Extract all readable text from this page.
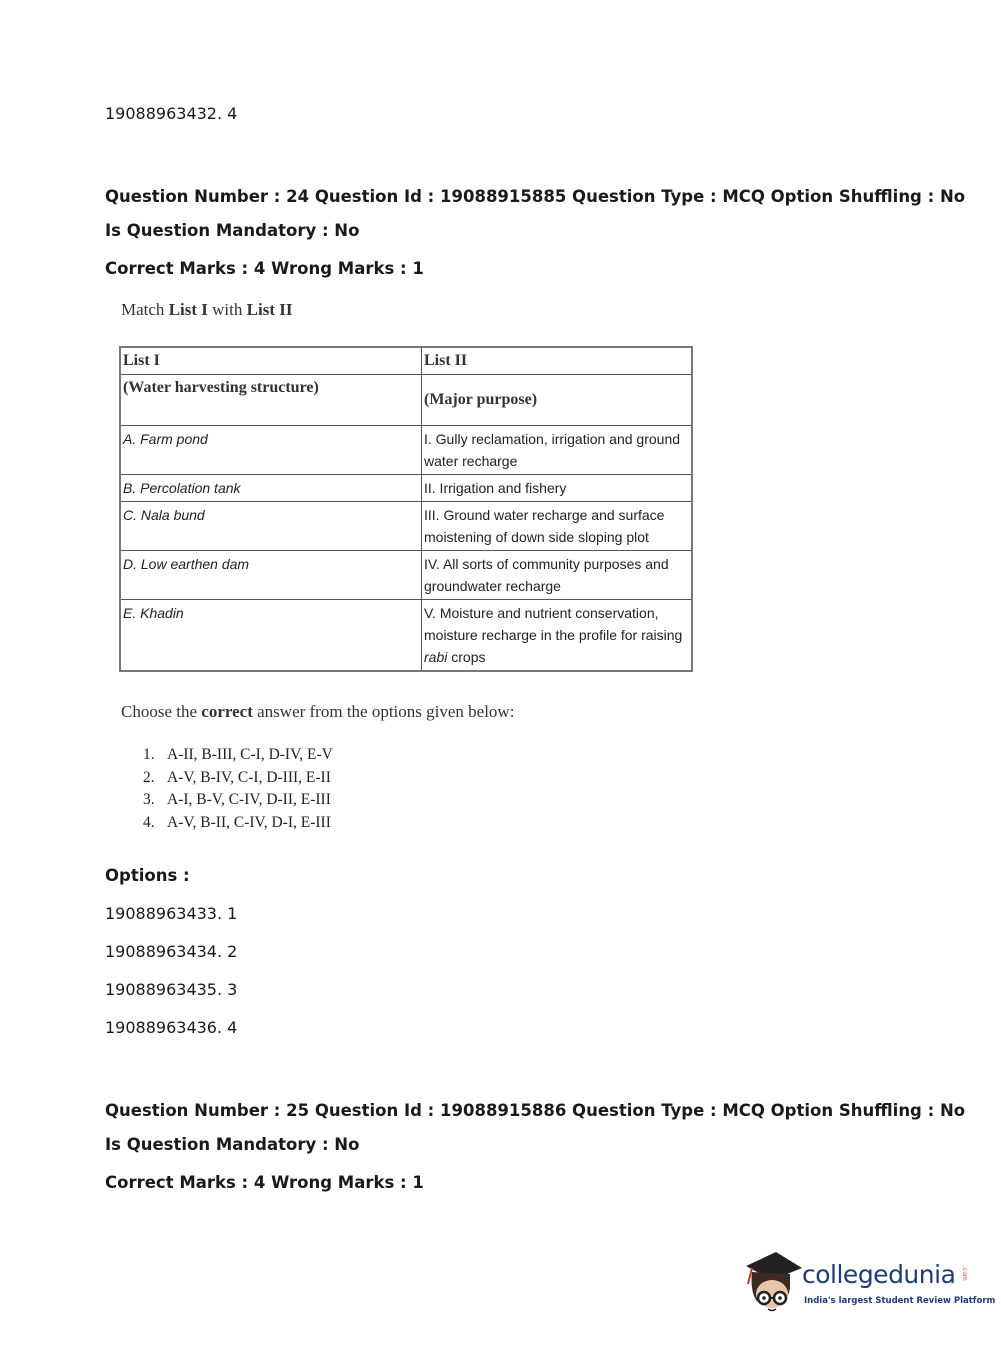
19088963432. 4
Question Number : 24 Question Id : 19088915885 Question Type : MCQ Option Shuffling : No
Is Question Mandatory : No
Correct Marks : 4 Wrong Marks : 1
Match List I with List II
List I	List II
(Water harvesting structure)	(Major purpose)
A. Farm pond	I. Gully reclamation, irrigation and ground water recharge
B. Percolation tank	II. Irrigation and fishery
C. Nala bund	III. Ground water recharge and surface moistening of down side sloping plot
D. Low earthen dam	IV. All sorts of community purposes and groundwater recharge
E. Khadin	V. Moisture and nutrient conservation, moisture recharge in the profile for raising rabi crops
Choose the correct answer from the options given below:
1. A-II, B-III, C-I, D-IV, E-V
2. A-V, B-IV, C-I, D-III, E-II
3. A-I, B-V, C-IV, D-II, E-III
4. A-V, B-II, C-IV, D-I, E-III
Options :
19088963433. 1
19088963434. 2
19088963435. 3
19088963436. 4
Question Number : 25 Question Id : 19088915886 Question Type : MCQ Option Shuffling : No
Is Question Mandatory : No
Correct Marks : 4 Wrong Marks : 1
collegedunia .com
India's largest Student Review Platform
